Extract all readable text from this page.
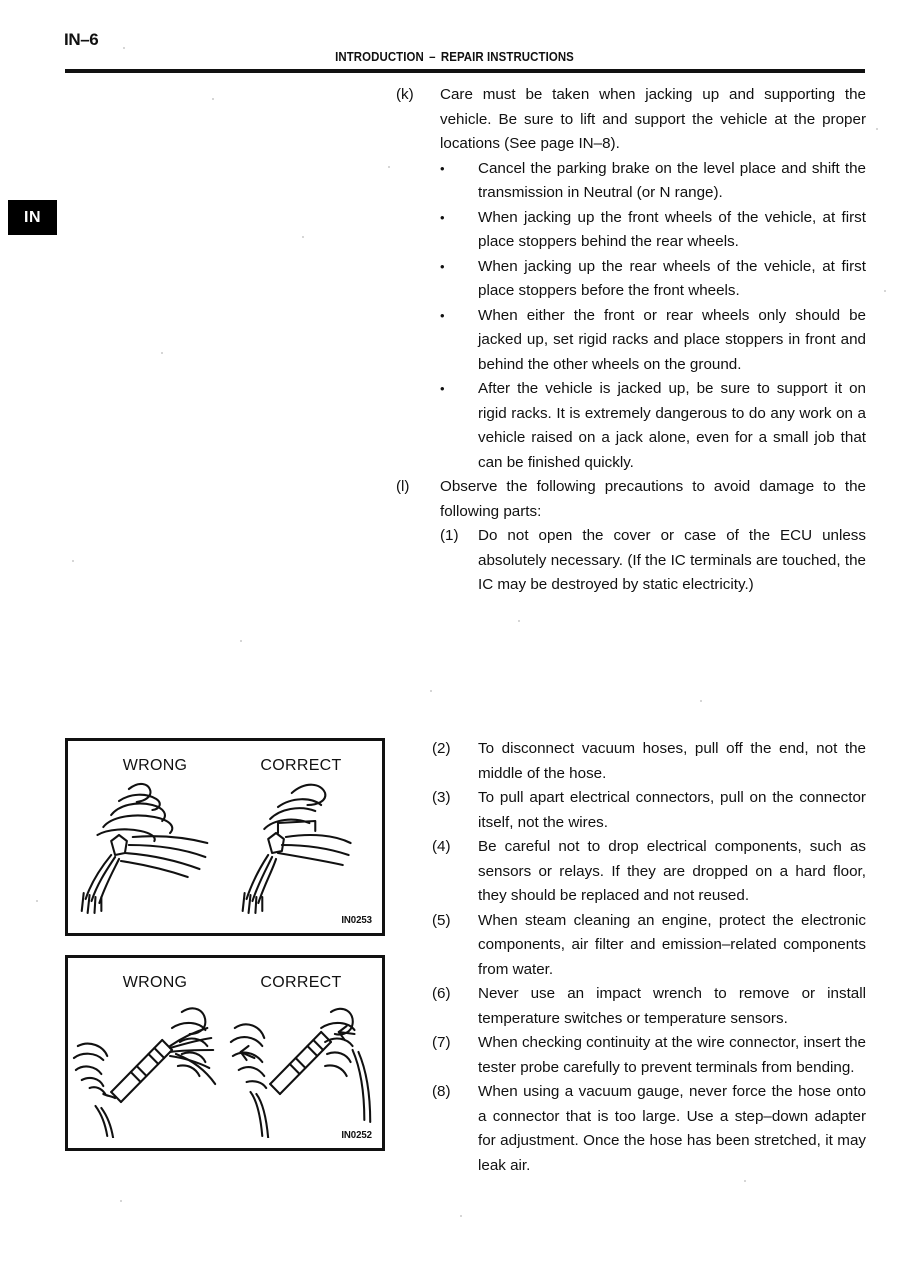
IN–6
INTRODUCTION – REPAIR INSTRUCTIONS
IN
(k)	Care must be taken when jacking up and supporting the vehicle. Be sure to lift and support the vehicle at the proper locations (See page IN–8).
•	Cancel the parking brake on the level place and shift the transmission in Neutral (or N range).
•	When jacking up the front wheels of the vehicle, at first place stoppers behind the rear wheels.
•	When jacking up the rear wheels of the vehicle, at first place stoppers before the front wheels.
•	When either the front or rear wheels only should be jacked up, set rigid racks and place stoppers in front and behind the other wheels on the ground.
•	After the vehicle is jacked up, be sure to support it on rigid racks. It is extremely dangerous to do any work on a vehicle raised on a jack alone, even for a small job that can be finished quickly.
(l)	Observe the following precautions to avoid damage to the following parts:
(1)	Do not open the cover or case of the ECU unless absolutely necessary. (If the IC terminals are touched, the IC may be destroyed by static electricity.)
(2)	To disconnect vacuum hoses, pull off the end, not the middle of the hose.
(3)	To pull apart electrical connectors, pull on the connector itself, not the wires.
(4)	Be careful not to drop electrical components, such as sensors or relays. If they are dropped on a hard floor, they should be replaced and not reused.
(5)	When steam cleaning an engine, protect the electronic components, air filter and emission–related components from water.
(6)	Never use an impact wrench to remove or install temperature switches or temperature sensors.
(7)	When checking continuity at the wire connector, insert the tester probe carefully to prevent terminals from bending.
(8)	When using a vacuum gauge, never force the hose onto a connector that is too large. Use a step–down adapter for adjustment. Once the hose has been stretched, it may leak air.
WRONG	CORRECT
IN0253
WRONG	CORRECT
IN0252
